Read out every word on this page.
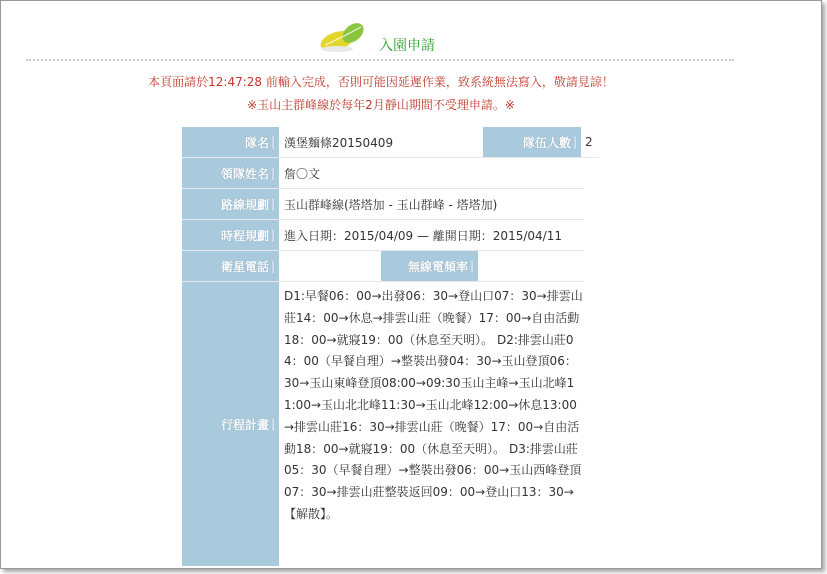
入園申請
本頁面請於12:47:28 前輸入完成，否則可能因延遲作業，致系統無法寫入，敬請見諒！
※玉山主群峰線於每年2月靜山期間不受理申請。※
隊名 | 漢堡麵條20150409	隊伍人數 | 2
領隊姓名 | 詹〇文
路線規劃 | 玉山群峰線(塔塔加 - 玉山群峰 - 塔塔加)
時程規劃 | 進入日期：2015/04/09 — 離開日期：2015/04/11
衛星電話 |	無線電頻率 |
行程計畫 |
D1:早餐06：00→出發06：30→登山口07：30→排雲山莊14：00→休息→排雲山莊（晚餐）17：00→自由活動18：00→就寢19：00（休息至天明）。 D2:排雲山莊04：00（早餐自理）→整裝出發04：30→玉山登頂06：30→玉山東峰登頂08:00→09:30玉山主峰→玉山北峰11:00→玉山北北峰11:30→玉山北峰12:00→休息13:00→排雲山莊16：30→排雲山莊（晚餐）17：00→自由活動18：00→就寢19：00（休息至天明）。 D3:排雲山莊05：30（早餐自理）→整裝出發06：00→玉山西峰登頂07：30→排雲山莊整裝返回09：00→登山口13：30→【解散】。
